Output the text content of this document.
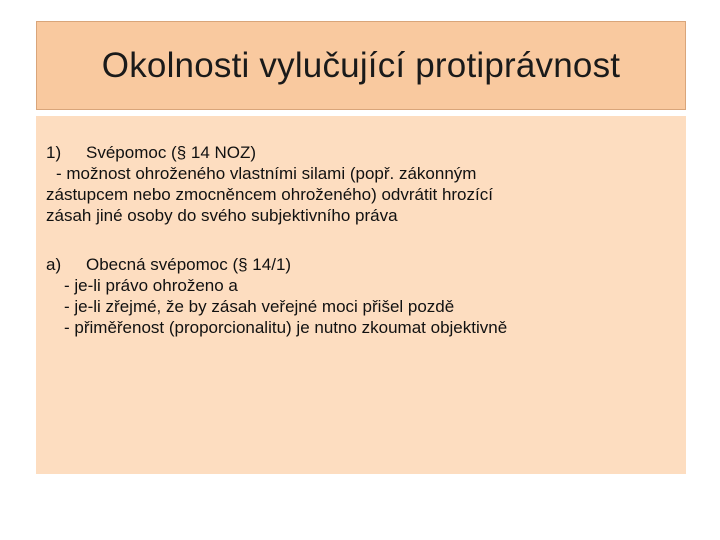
Okolnosti vylučující protiprávnost
1) Svépomoc (§ 14 NOZ)
- možnost ohroženého vlastními silami (popř. zákonným
zástupcem nebo zmocněncem ohroženého) odvrátit hrozící
zásah jiné osoby do svého subjektivního práva
a) Obecná svépomoc (§ 14/1)
- je-li právo ohroženo a
- je-li zřejmé, že by zásah veřejné moci přišel pozdě
- přiměřenost (proporcionalitu) je nutno zkoumat objektivně
